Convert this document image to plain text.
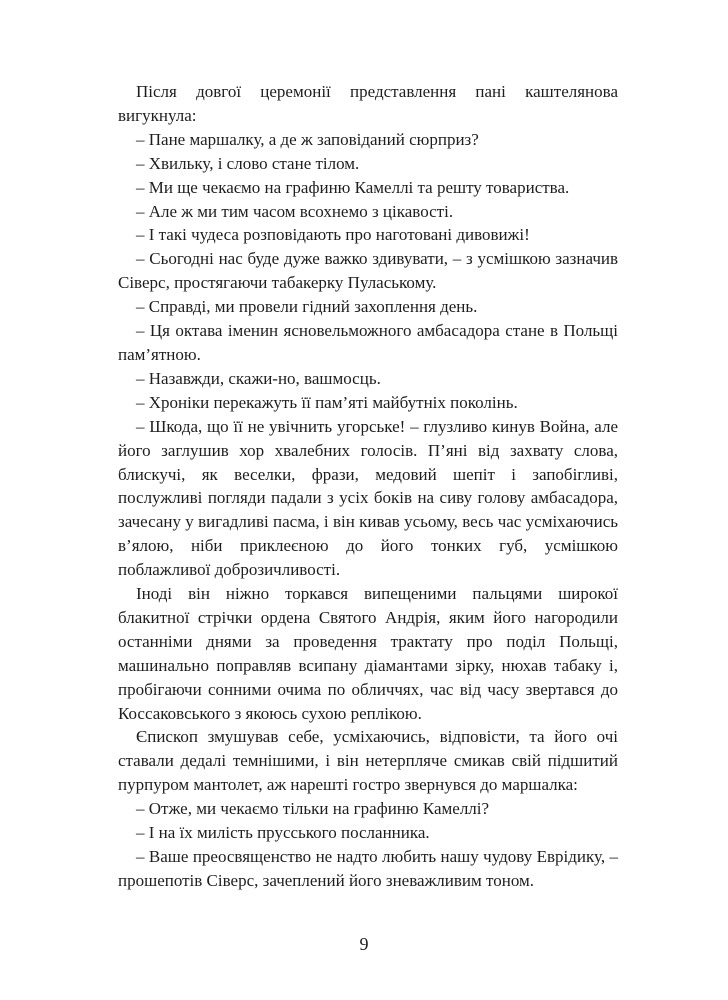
Після довгої церемонії представлення пані каштелянова вигукнула:

– Пане маршалку, а де ж заповіданий сюрприз?

– Хвильку, і слово стане тілом.

– Ми ще чекаємо на графиню Камеллі та решту товариства.

– Але ж ми тим часом всохнемо з цікавості.

– І такі чудеса розповідають про наготовані дивовижі!

– Сьогодні нас буде дуже важко здивувати, – з усмішкою зазначив Сіверс, простягаючи табакерку Пулаському.

– Справді, ми провели гідний захоплення день.

– Ця октава іменин ясновельможного амбасадора стане в Польщі пам’ятною.

– Назавжди, скажи-но, вашмосць.

– Хроніки перекажуть її пам’яті майбутніх поколінь.

– Шкода, що її не увічнить угорське! – глузливо кинув Война, але його заглушив хор хвалебних голосів. П’яні від захвату слова, блискучі, як веселки, фрази, медовий шепіт і запобігливі, послужливі погляди падали з усіх боків на сиву голову амбасадора, зачесану у вигадливі пасма, і він кивав усьому, весь час усміхаючись в’ялою, ніби приклеєною до його тонких губ, усмішкою поблажливої доброзичливості.

Іноді він ніжно торкався випещеними пальцями широкої блакитної стрічки ордена Святого Андрія, яким його нагородили останніми днями за проведення трактату про поділ Польщі, машинально поправляв всипану діамантами зірку, нюхав табаку і, пробігаючи сонними очима по обличчях, час від часу звертався до Коссаковського з якоюсь сухою реплікою.

Єпископ змушував себе, усміхаючись, відповісти, та його очі ставали дедалі темнішими, і він нетерпляче смикав свій підшитий пурпуром мантолет, аж нарешті гостро звернувся до маршалка:

– Отже, ми чекаємо тільки на графиню Камеллі?

– І на їх милість прусського посланника.

– Ваше преосвященство не надто любить нашу чудову Еврідику, – прошепотів Сіверс, зачеплений його зневажливим тоном.

9
